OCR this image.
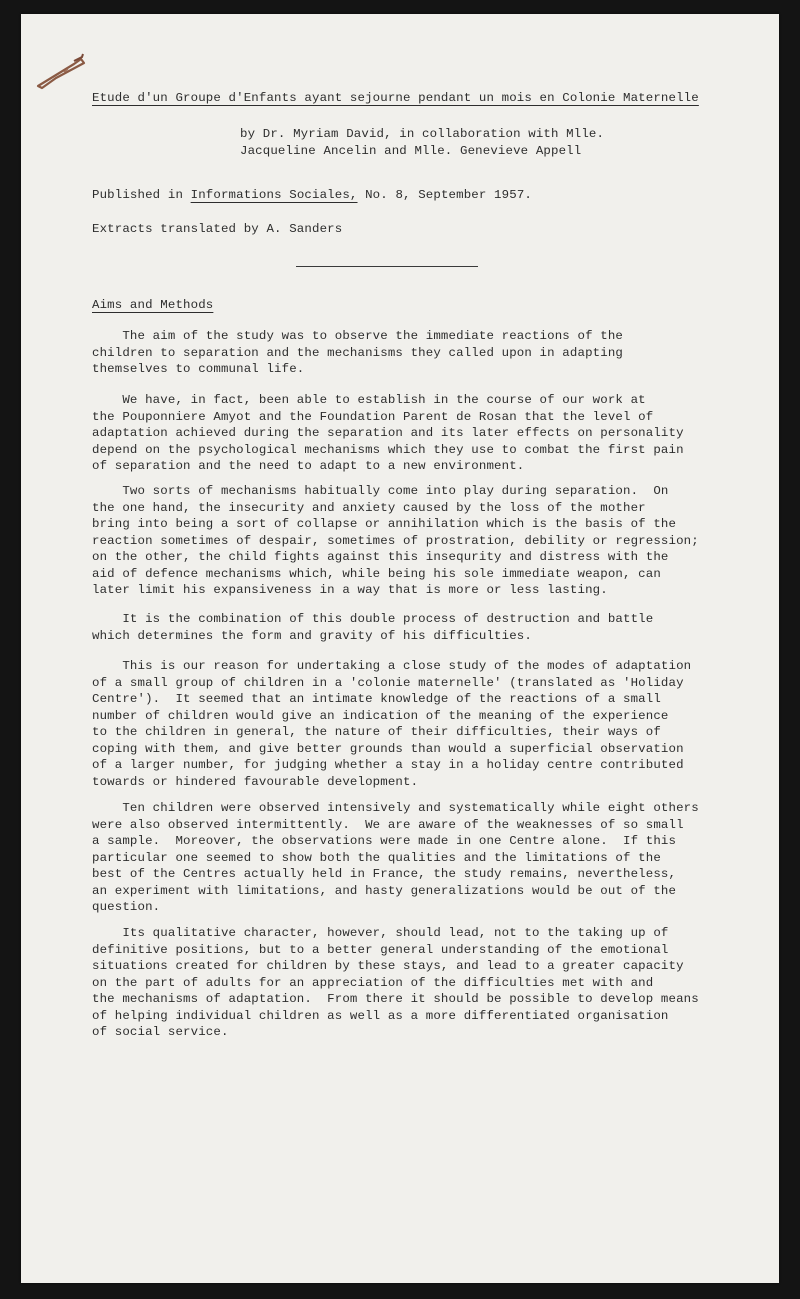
Etude d'un Groupe d'Enfants ayant sejourne pendant un mois en Colonie Maternelle
by Dr. Myriam David, in collaboration with Mlle.
Jacqueline Ancelin and Mlle. Genevieve Appell
Published in Informations Sociales, No. 8, September 1957.
Extracts translated by A. Sanders
Aims and Methods
The aim of the study was to observe the immediate reactions of the
children to separation and the mechanisms they called upon in adapting
themselves to communal life.
We have, in fact, been able to establish in the course of our work at
the Pouponniere Amyot and the Foundation Parent de Rosan that the level of
adaptation achieved during the separation and its later effects on personality
depend on the psychological mechanisms which they use to combat the first pain
of separation and the need to adapt to a new environment.
Two sorts of mechanisms habitually come into play during separation.  On
the one hand, the insecurity and anxiety caused by the loss of the mother
bring into being a sort of collapse or annihilation which is the basis of the
reaction sometimes of despair, sometimes of prostration, debility or regression;
on the other, the child fights against this insequrity and distress with the
aid of defence mechanisms which, while being his sole immediate weapon, can
later limit his expansiveness in a way that is more or less lasting.
It is the combination of this double process of destruction and battle
which determines the form and gravity of his difficulties.
This is our reason for undertaking a close study of the modes of adaptation
of a small group of children in a 'colonie maternelle' (translated as 'Holiday
Centre').  It seemed that an intimate knowledge of the reactions of a small
number of children would give an indication of the meaning of the experience
to the children in general, the nature of their difficulties, their ways of
coping with them, and give better grounds than would a superficial observation
of a larger number, for judging whether a stay in a holiday centre contributed
towards or hindered favourable development.
Ten children were observed intensively and systematically while eight others
were also observed intermittently.  We are aware of the weaknesses of so small
a sample.  Moreover, the observations were made in one Centre alone.  If this
particular one seemed to show both the qualities and the limitations of the
best of the Centres actually held in France, the study remains, nevertheless,
an experiment with limitations, and hasty generalizations would be out of the
question.
Its qualitative character, however, should lead, not to the taking up of
definitive positions, but to a better general understanding of the emotional
situations created for children by these stays, and lead to a greater capacity
on the part of adults for an appreciation of the difficulties met with and
the mechanisms of adaptation.  From there it should be possible to develop means
of helping individual children as well as a more differentiated organisation
of social service.
